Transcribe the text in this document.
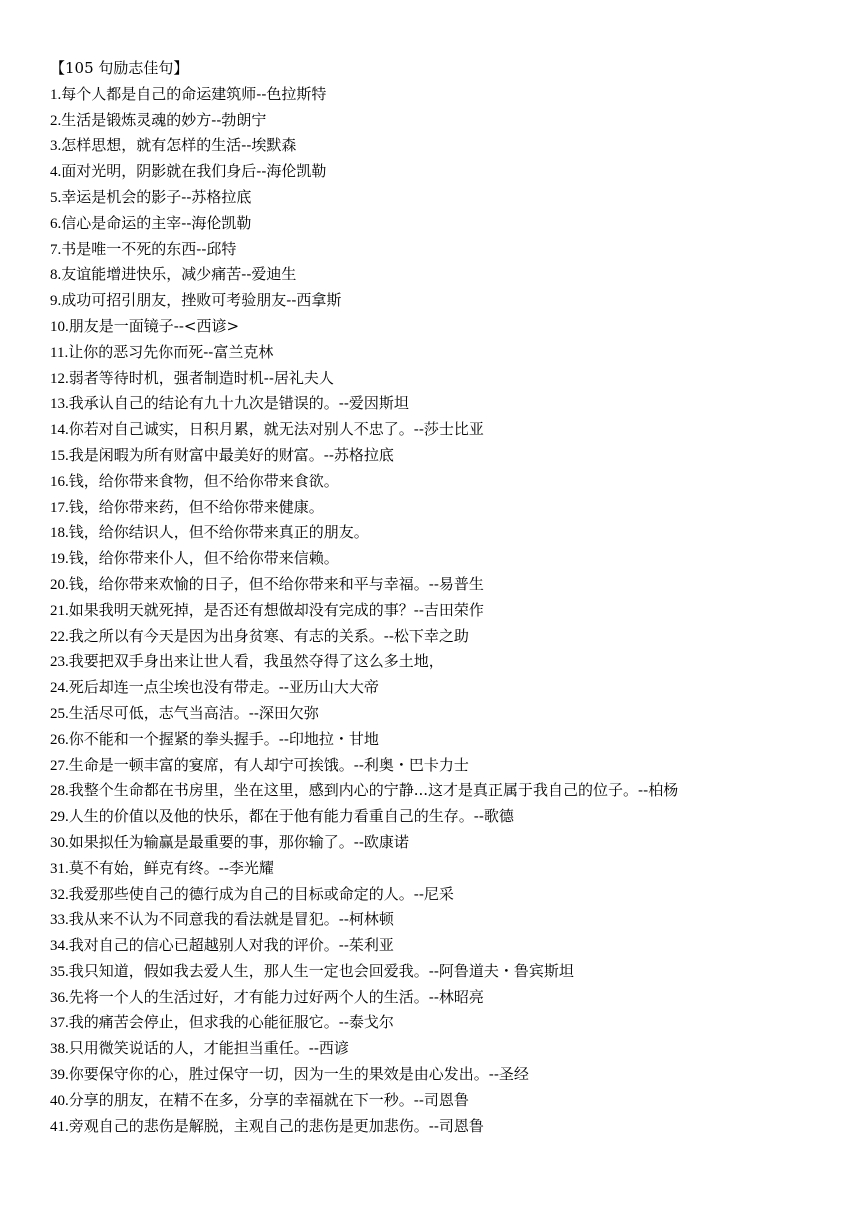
【105 句励志佳句】
1.每个人都是自己的命运建筑师--色拉斯特
2.生活是锻炼灵魂的妙方--勃朗宁
3.怎样思想，就有怎样的生活--埃默森
4.面对光明，阴影就在我们身后--海伦凯勒
5.幸运是机会的影子--苏格拉底
6.信心是命运的主宰--海伦凯勒
7.书是唯一不死的东西--邱特
8.友谊能增进快乐，减少痛苦--爱迪生
9.成功可招引朋友，挫败可考验朋友--西拿斯
10.朋友是一面镜子--<西谚>
11.让你的恶习先你而死--富兰克林
12.弱者等待时机，强者制造时机--居礼夫人
13.我承认自己的结论有九十九次是错误的。--爱因斯坦
14.你若对自己诚实，日积月累，就无法对别人不忠了。--莎士比亚
15.我是闲暇为所有财富中最美好的财富。--苏格拉底
16.钱，给你带来食物，但不给你带来食欲。
17.钱，给你带来药，但不给你带来健康。
18.钱，给你结识人，但不给你带来真正的朋友。
19.钱，给你带来仆人，但不给你带来信赖。
20.钱，给你带来欢愉的日子，但不给你带来和平与幸福。--易普生
21.如果我明天就死掉，是否还有想做却没有完成的事？--吉田荣作
22.我之所以有今天是因为出身贫寒、有志的关系。--松下幸之助
23.我要把双手身出来让世人看，我虽然夺得了这么多土地，
24.死后却连一点尘埃也没有带走。--亚历山大大帝
25.生活尽可低，志气当高洁。--深田欠弥
26.你不能和一个握紧的拳头握手。--印地拉・甘地
27.生命是一顿丰富的宴席，有人却宁可挨饿。--利奥・巴卡力士
28.我整个生命都在书房里，坐在这里，感到内心的宁静...这才是真正属于我自己的位子。--柏杨
29.人生的价值以及他的快乐，都在于他有能力看重自己的生存。--歌德
30.如果拟任为输赢是最重要的事，那你输了。--欧康诺
31.莫不有始，鲜克有终。--李光耀
32.我爱那些使自己的德行成为自己的目标或命定的人。--尼采
33.我从来不认为不同意我的看法就是冒犯。--柯林顿
34.我对自己的信心已超越别人对我的评价。--茱利亚
35.我只知道，假如我去爱人生，那人生一定也会回爱我。--阿鲁道夫・鲁宾斯坦
36.先将一个人的生活过好，才有能力过好两个人的生活。--林昭亮
37.我的痛苦会停止，但求我的心能征服它。--泰戈尔
38.只用微笑说话的人，才能担当重任。--西谚
39.你要保守你的心，胜过保守一切，因为一生的果效是由心发出。--圣经
40.分享的朋友，在精不在多，分享的幸福就在下一秒。--司恩鲁
41.旁观自己的悲伤是解脱，主观自己的悲伤是更加悲伤。--司恩鲁
